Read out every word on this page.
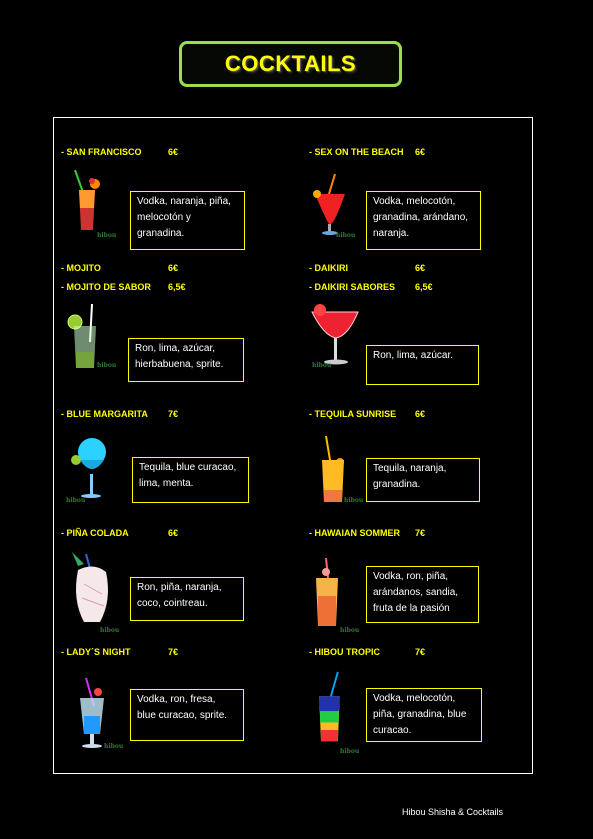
COCKTAILS
- SAN FRANCISCO	6€
hibou
Vodka, naranja, piña,
melocotón y
granadina.
- SEX ON THE BEACH 6€
hibou
Vodka, melocotón,
granadina, arándano,
naranja.
- MOJITO	6€
- MOJITO DE SABOR 6,5€
hibou
Ron, lima, azúcar,
hierbabuena, sprite.
- DAIKIRI	6€
- DAIKIRI SABORES 6,5€
hibou
Ron, lima, azúcar.
- BLUE MARGARITA 7€
hibou
Tequila, blue curacao,
lima, menta.
- TEQUILA SUNRISE 6€
hibou
Tequila, naranja,
granadina.
- PIÑA COLADA	6€
hibou
Ron, piña, naranja,
coco, cointreau.
- HAWAIAN SOMMER 7€
hibou
Vodka, ron, piña,
arándanos, sandia,
fruta de la pasión
- LADY´S NIGHT	7€
hibou
Vodka, ron, fresa,
blue curacao, sprite.
- HIBOU TROPIC	7€
hibou
Vodka, melocotón,
piña, granadina, blue
curacao.
Hibou Shisha & Cocktails
